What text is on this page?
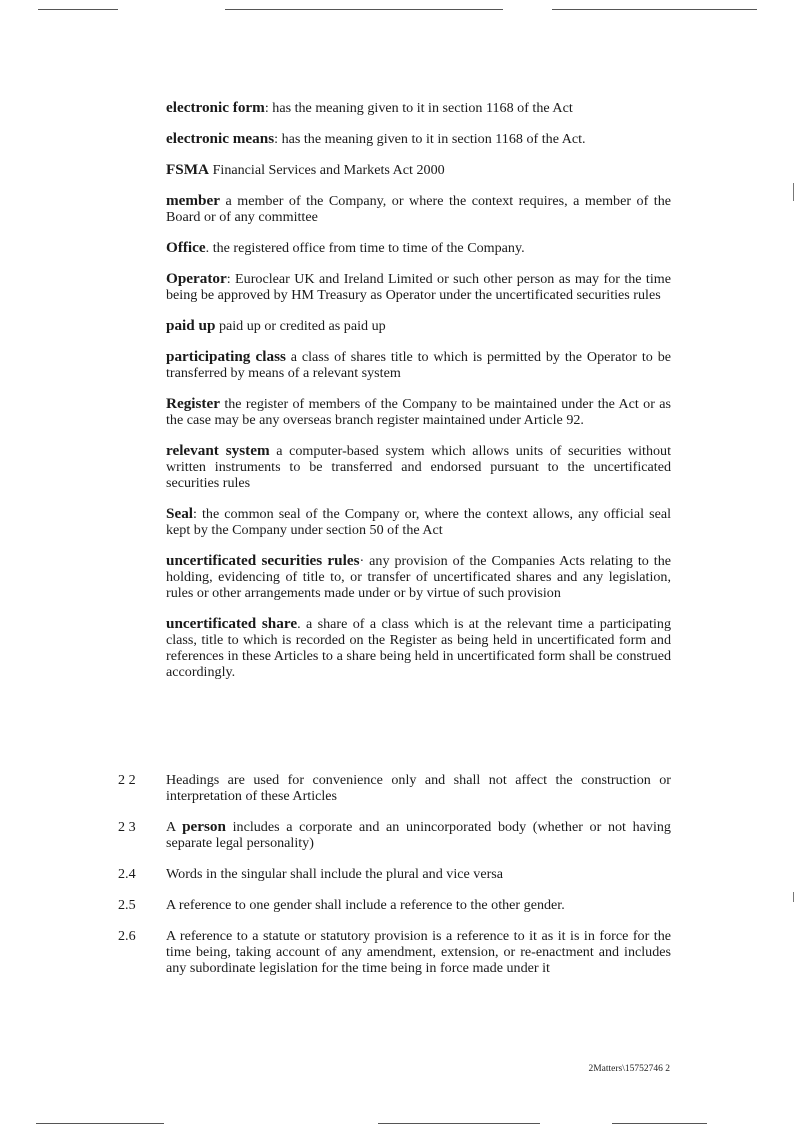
electronic form: has the meaning given to it in section 1168 of the Act

electronic means: has the meaning given to it in section 1168 of the Act.

FSMA Financial Services and Markets Act 2000

member a member of the Company, or where the context requires, a member of the Board or of any committee

Office. the registered office from time to time of the Company.

Operator: Euroclear UK and Ireland Limited or such other person as may for the time being be approved by HM Treasury as Operator under the uncertificated securities rules

paid up paid up or credited as paid up

participating class a class of shares title to which is permitted by the Operator to be transferred by means of a relevant system

Register the register of members of the Company to be maintained under the Act or as the case may be any overseas branch register maintained under Article 92.

relevant system a computer-based system which allows units of securities without written instruments to be transferred and endorsed pursuant to the uncertificated securities rules

Seal: the common seal of the Company or, where the context allows, any official seal kept by the Company under section 50 of the Act

uncertificated securities rules· any provision of the Companies Acts relating to the holding, evidencing of title to, or transfer of uncertificated shares and any legislation, rules or other arrangements made under or by virtue of such provision

uncertificated share. a share of a class which is at the relevant time a participating class, title to which is recorded on the Register as being held in uncertificated form and references in these Articles to a share being held in uncertificated form shall be construed accordingly.

2 2	Headings are used for convenience only and shall not affect the construction or interpretation of these Articles
2 3	A person includes a corporate and an unincorporated body (whether or not having separate legal personality)
2.4	Words in the singular shall include the plural and vice versa
2.5	A reference to one gender shall include a reference to the other gender.
2.6	A reference to a statute or statutory provision is a reference to it as it is in force for the time being, taking account of any amendment, extension, or re-enactment and includes any subordinate legislation for the time being in force made under it
2Matters\15752746 2
